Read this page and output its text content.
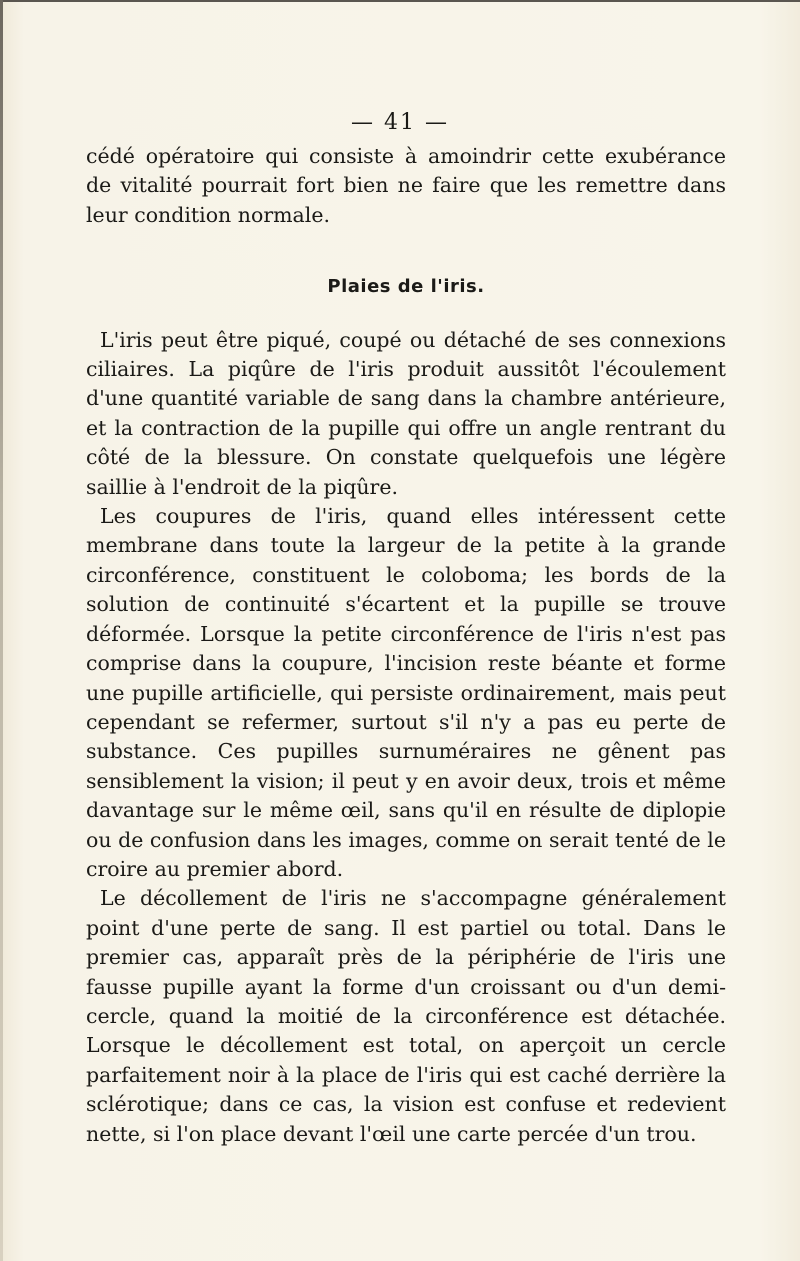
— 41 —

cédé opératoire qui consiste à amoindrir cette exubérance de vitalité pourrait fort bien ne faire que les remettre dans leur condition normale.

Plaies de l'iris.

L'iris peut être piqué, coupé ou détaché de ses connexions ciliaires. La piqûre de l'iris produit aussitôt l'écoulement d'une quantité variable de sang dans la chambre antérieure, et la contraction de la pupille qui offre un angle rentrant du côté de la blessure. On constate quelquefois une légère saillie à l'endroit de la piqûre.

Les coupures de l'iris, quand elles intéressent cette membrane dans toute la largeur de la petite à la grande circonférence, constituent le coloboma; les bords de la solution de continuité s'écartent et la pupille se trouve déformée. Lorsque la petite circonférence de l'iris n'est pas comprise dans la coupure, l'incision reste béante et forme une pupille artificielle, qui persiste ordinairement, mais peut cependant se refermer, surtout s'il n'y a pas eu perte de substance. Ces pupilles surnuméraires ne gênent pas sensiblement la vision; il peut y en avoir deux, trois et même davantage sur le même œil, sans qu'il en résulte de diplopie ou de confusion dans les images, comme on serait tenté de le croire au premier abord.

Le décollement de l'iris ne s'accompagne généralement point d'une perte de sang. Il est partiel ou total. Dans le premier cas, apparaît près de la périphérie de l'iris une fausse pupille ayant la forme d'un croissant ou d'un demi-cercle, quand la moitié de la circonférence est détachée. Lorsque le décollement est total, on aperçoit un cercle parfaitement noir à la place de l'iris qui est caché derrière la sclérotique; dans ce cas, la vision est confuse et redevient nette, si l'on place devant l'œil une carte percée d'un trou.
